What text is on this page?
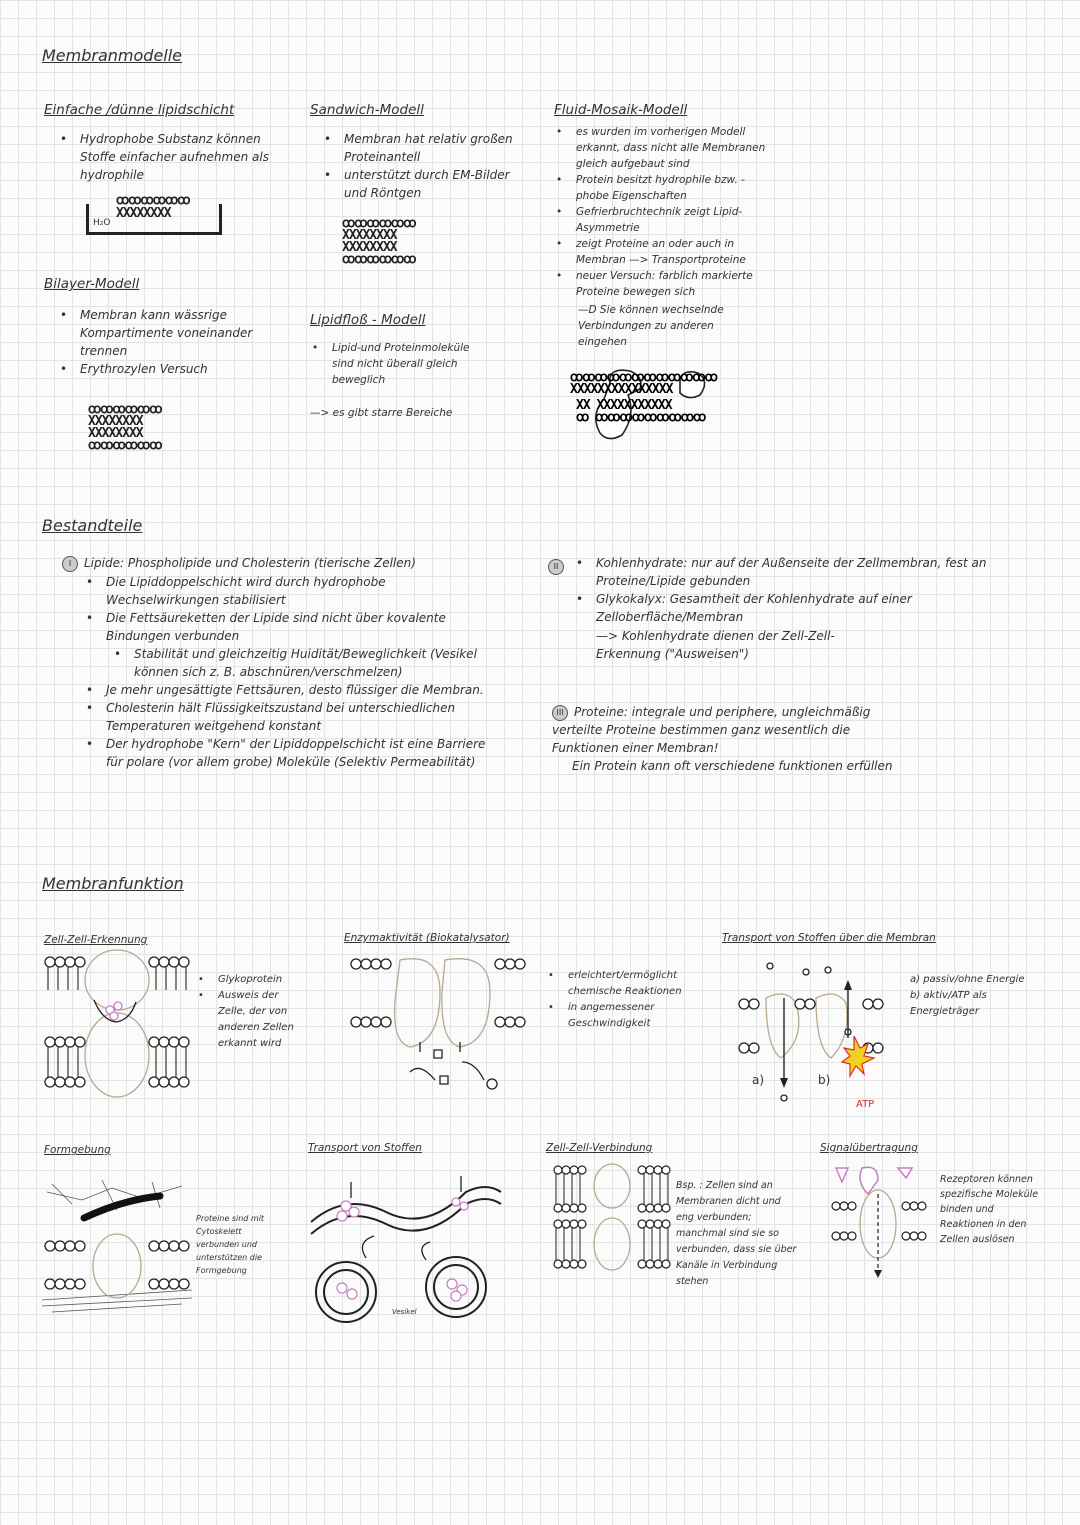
Membranmodelle
Einfache /dünne lipidschicht
• Hydrophobe Substanz können Stoffe einfacher aufnehmen als hydrophile
H₂O
ꝏꝏꝏꝏꝏꝏ
XXXXXXXX
Sandwich-Modell
• Membran hat relativ großen Proteinantell
• unterstützt durch EM-Bilder und Röntgen
ꝏꝏꝏꝏꝏꝏ
XXXXXXXX
XXXXXXXX
ꝏꝏꝏꝏꝏꝏ
Fluid-Mosaik-Modell
• es wurden im vorherigen Modell erkannt, dass nicht alle Membranen gleich aufgebaut sind
• Protein besitzt hydrophile bzw. -phobe Eigenschaften
• Gefrierbruchtechnik zeigt Lipid-Asymmetrie
• zeigt Proteine an oder auch in Membran —> Transportproteine
• neuer Versuch: farblich markierte Proteine bewegen sich
—D Sie können wechselnde Verbindungen zu anderen eingehen
ꝏꝏꝏꝏꝏꝏꝏꝏꝏꝏꝏꝏ
XXXXXXXXXXXXXXX
XX XXXXXXXXXXX
ꝏ ꝏꝏꝏꝏꝏꝏꝏꝏꝏ
Bilayer-Modell
• Membran kann wässrige Kompartimente voneinander trennen
• Erythrozylen Versuch
ꝏꝏꝏꝏꝏꝏ
XXXXXXXX
XXXXXXXX
ꝏꝏꝏꝏꝏꝏ
Lipidfloß - Modell
• Lipid-und Proteinmoleküle sind nicht überall gleich beweglich
—> es gibt starre Bereiche
Bestandteile
I Lipide: Phospholipide und Cholesterin (tierische Zellen)
• Die Lipiddoppelschicht wird durch hydrophobe Wechselwirkungen stabilisiert
• Die Fettsäureketten der Lipide sind nicht über kovalente Bindungen verbunden
• Stabilität und gleichzeitig Huidität/Beweglichkeit (Vesikel können sich z. B. abschnüren/verschmelzen)
• Je mehr ungesättigte Fettsäuren, desto flüssiger die Membran.
• Cholesterin hält Flüssigkeitszustand bei unterschiedlichen Temperaturen weitgehend konstant
• Der hydrophobe "Kern" der Lipiddoppelschicht ist eine Barriere für polare (vor allem grobe) Moleküle (Selektiv Permeabilität)
II
•	Kohlenhydrate: nur auf der Außenseite der Zellmembran, fest an Proteine/Lipide gebunden
• Glykokalyx: Gesamtheit der Kohlenhydrate auf einer Zelloberfläche/Membran
—> Kohlenhydrate dienen der Zell-Zell-Erkennung ("Ausweisen")
III Proteine: integrale und periphere, ungleichmäßig verteilte Proteine bestimmen ganz wesentlich die Funktionen einer Membran!
Ein Protein kann oft verschiedene funktionen erfüllen
Membranfunktion
Zell-Zell-Erkennung
• Glykoprotein
• Ausweis der Zelle, der von anderen Zellen erkannt wird
Enzymaktivität (Biokatalysator)
• erleichtert/ermöglicht chemische Reaktionen
• in angemessener Geschwindigkeit
Transport von Stoffen über die Membran
a)	b)
ATP
a) passiv/ohne Energie
b) aktiv/ATP als Energieträger
Formgebung
Proteine sind mit Cytoskelett verbunden und unterstützen die Formgebung
Transport von Stoffen
Vesikel
Zell-Zell-Verbindung
Bsp. : Zellen sind an Membranen dicht und eng verbunden; manchmal sind sie so verbunden, dass sie über Kanäle in Verbindung stehen
Signalübertragung
Rezeptoren können spezifische Moleküle binden und Reaktionen in den Zellen auslösen
